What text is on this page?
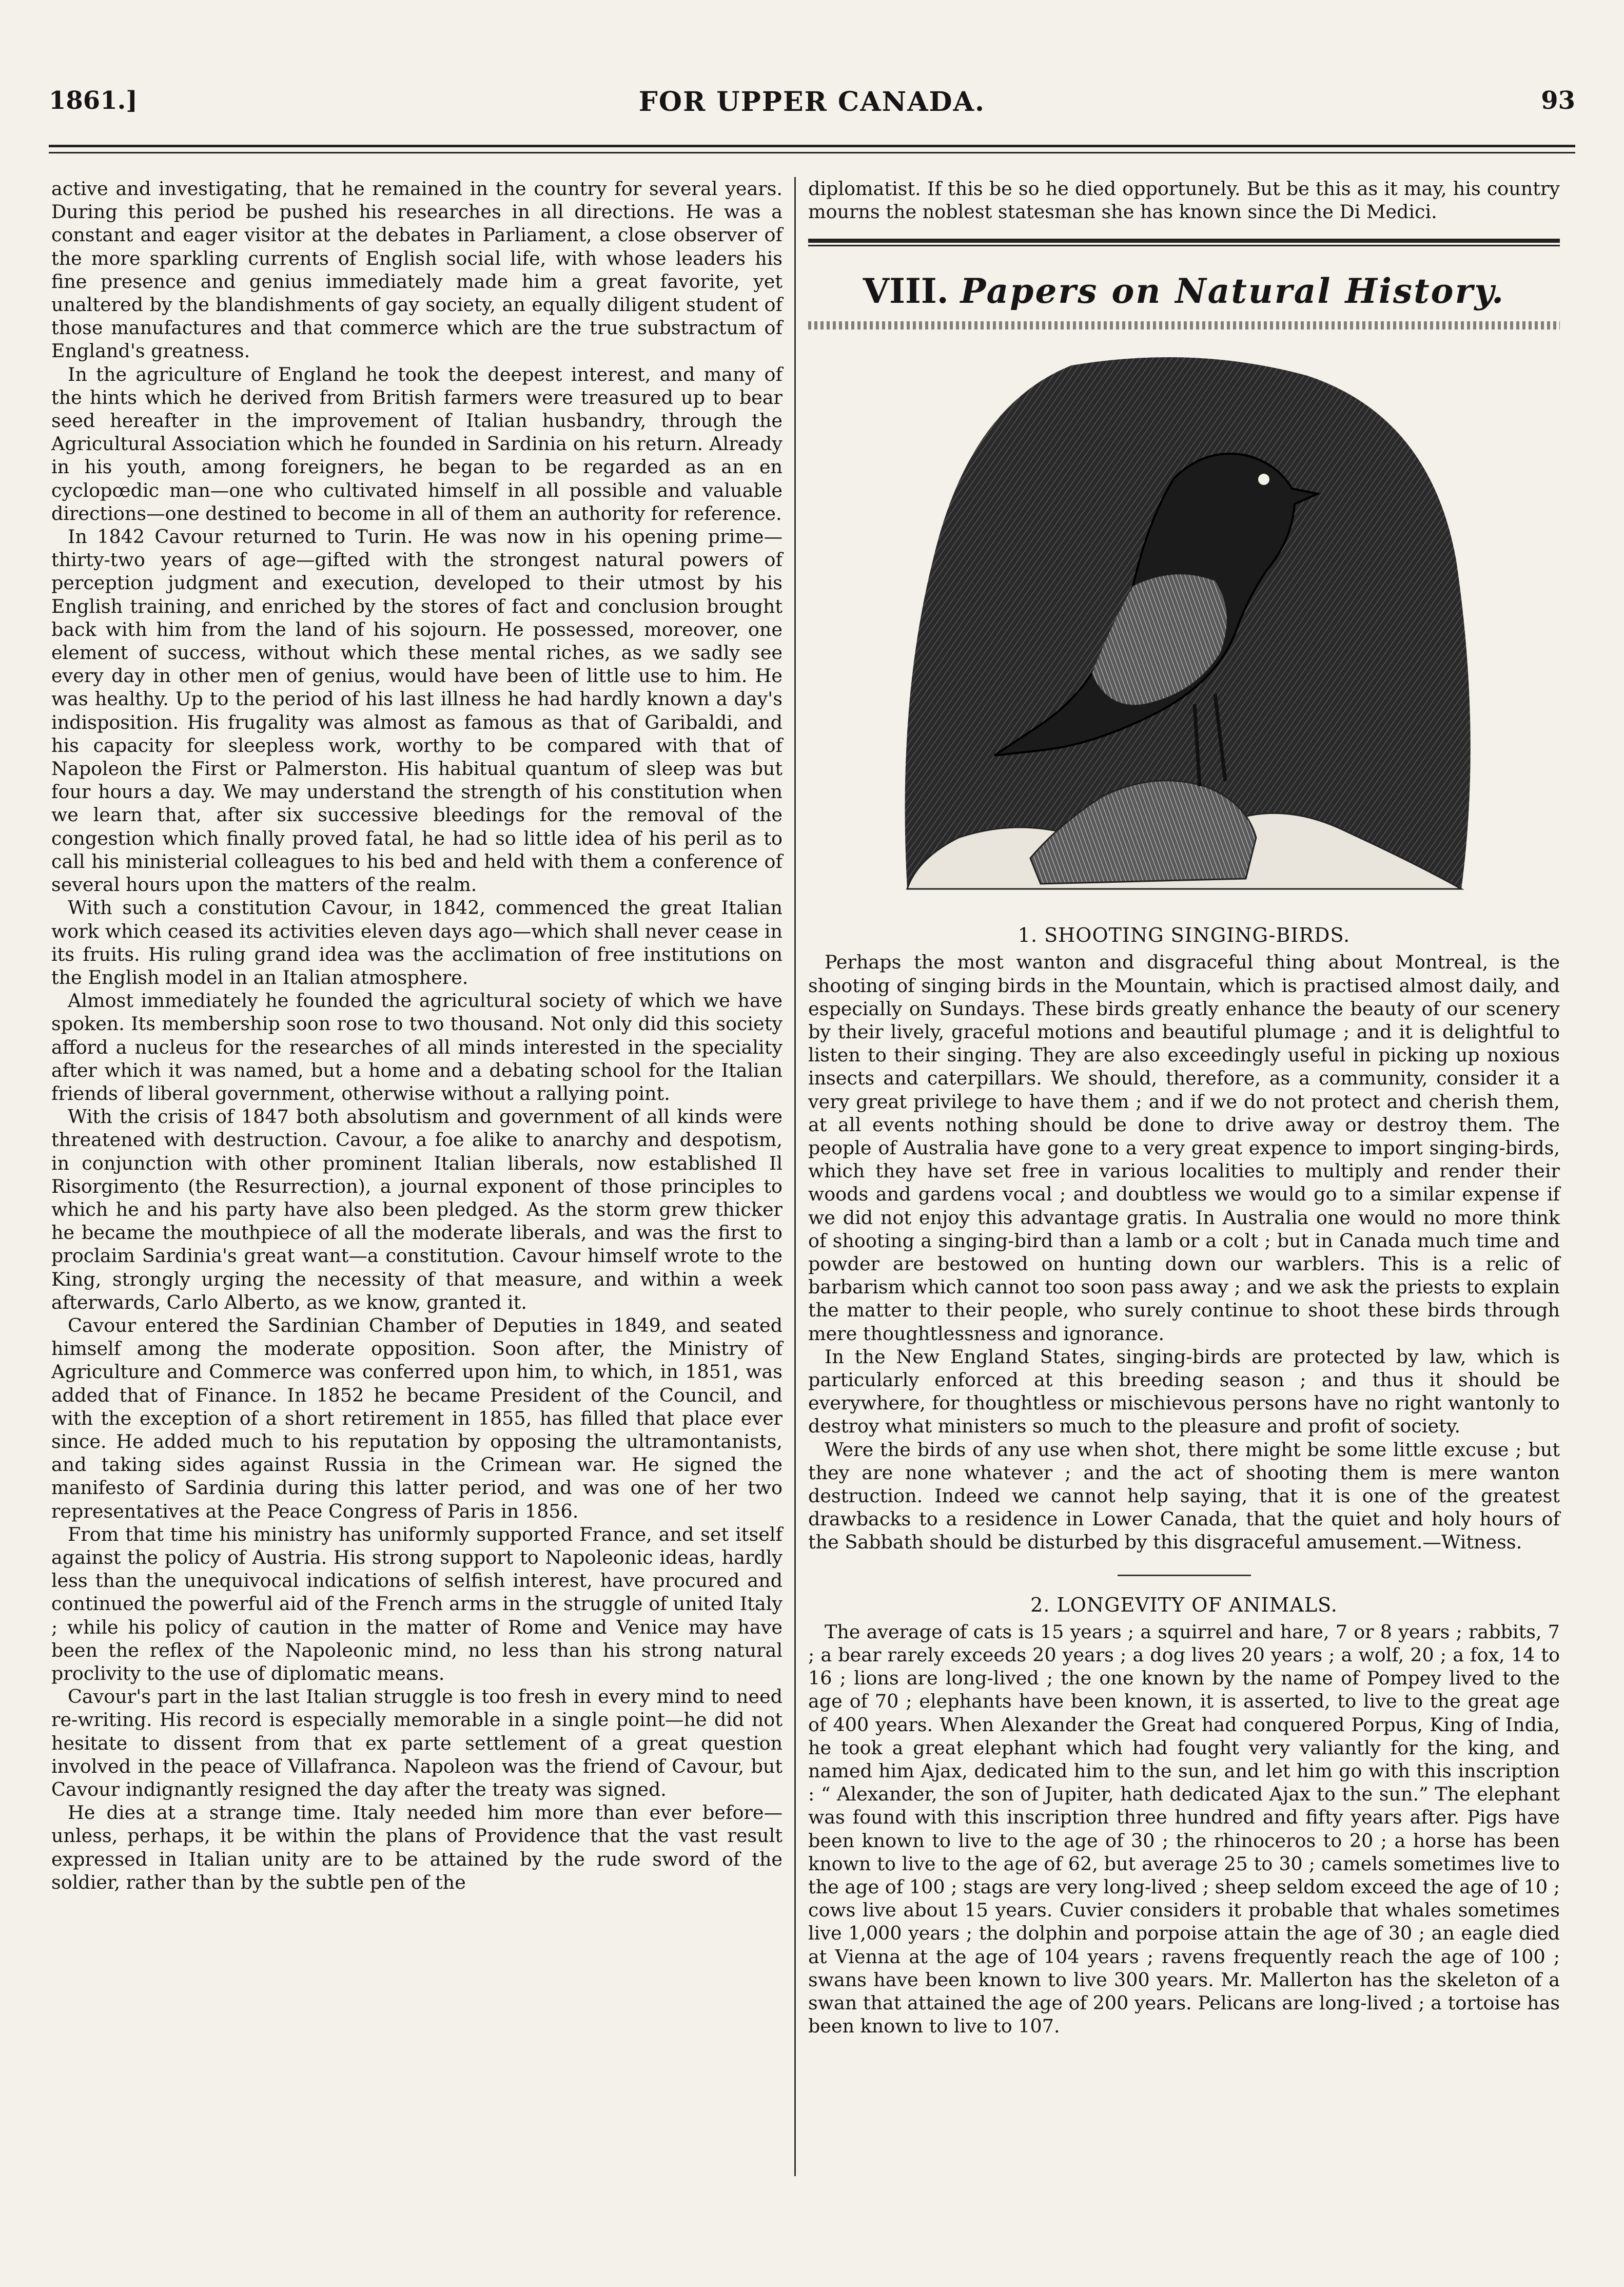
1861.]	FOR UPPER CANADA.	93

active and investigating, that he remained in the country for several years. During this period be pushed his researches in all directions. He was a constant and eager visitor at the debates in Parliament, a close observer of the more sparkling currents of English social life, with whose leaders his fine presence and genius immediately made him a great favorite, yet unaltered by the blandishments of gay society, an equally diligent student of those manufactures and that commerce which are the true substractum of England's greatness.

In the agriculture of England he took the deepest interest, and many of the hints which he derived from British farmers were treasured up to bear seed hereafter in the improvement of Italian husbandry, through the Agricultural Association which he founded in Sardinia on his return. Already in his youth, among foreigners, he began to be regarded as an en cyclopœdic man—one who cultivated himself in all possible and valuable directions—one destined to become in all of them an authority for reference.

In 1842 Cavour returned to Turin. He was now in his opening prime—thirty-two years of age—gifted with the strongest natural powers of perception judgment and execution, developed to their utmost by his English training, and enriched by the stores of fact and conclusion brought back with him from the land of his sojourn. He possessed, moreover, one element of success, without which these mental riches, as we sadly see every day in other men of genius, would have been of little use to him. He was healthy. Up to the period of his last illness he had hardly known a day's indisposition. His frugality was almost as famous as that of Garibaldi, and his capacity for sleepless work, worthy to be compared with that of Napoleon the First or Palmerston. His habitual quantum of sleep was but four hours a day. We may understand the strength of his constitution when we learn that, after six successive bleedings for the removal of the congestion which finally proved fatal, he had so little idea of his peril as to call his ministerial colleagues to his bed and held with them a conference of several hours upon the matters of the realm.

With such a constitution Cavour, in 1842, commenced the great Italian work which ceased its activities eleven days ago—which shall never cease in its fruits. His ruling grand idea was the acclimation of free institutions on the English model in an Italian atmosphere.

Almost immediately he founded the agricultural society of which we have spoken. Its membership soon rose to two thousand. Not only did this society afford a nucleus for the researches of all minds interested in the speciality after which it was named, but a home and a debating school for the Italian friends of liberal government, otherwise without a rallying point.

With the crisis of 1847 both absolutism and government of all kinds were threatened with destruction. Cavour, a foe alike to anarchy and despotism, in conjunction with other prominent Italian liberals, now established Il Risorgimento (the Resurrection), a journal exponent of those principles to which he and his party have also been pledged. As the storm grew thicker he became the mouthpiece of all the moderate liberals, and was the first to proclaim Sardinia's great want—a constitution. Cavour himself wrote to the King, strongly urging the necessity of that measure, and within a week afterwards, Carlo Alberto, as we know, granted it.

Cavour entered the Sardinian Chamber of Deputies in 1849, and seated himself among the moderate opposition. Soon after, the Ministry of Agriculture and Commerce was conferred upon him, to which, in 1851, was added that of Finance. In 1852 he became President of the Council, and with the exception of a short retirement in 1855, has filled that place ever since. He added much to his reputation by opposing the ultramontanists, and taking sides against Russia in the Crimean war. He signed the manifesto of Sardinia during this latter period, and was one of her two representatives at the Peace Congress of Paris in 1856.

From that time his ministry has uniformly supported France, and set itself against the policy of Austria. His strong support to Napoleonic ideas, hardly less than the unequivocal indications of selfish interest, have procured and continued the powerful aid of the French arms in the struggle of united Italy ; while his policy of caution in the matter of Rome and Venice may have been the reflex of the Napoleonic mind, no less than his strong natural proclivity to the use of diplomatic means.

Cavour's part in the last Italian struggle is too fresh in every mind to need re-writing. His record is especially memorable in a single point—he did not hesitate to dissent from that ex parte settlement of a great question involved in the peace of Villafranca. Napoleon was the friend of Cavour, but Cavour indignantly resigned the day after the treaty was signed.

He dies at a strange time. Italy needed him more than ever before—unless, perhaps, it be within the plans of Providence that the vast result expressed in Italian unity are to be attained by the rude sword of the soldier, rather than by the subtle pen of the

diplomatist. If this be so he died opportunely. But be this as it may, his country mourns the noblest statesman she has known since the Di Medici.

VIII. Papers on Natural History.
1. SHOOTING SINGING-BIRDS.

Perhaps the most wanton and disgraceful thing about Montreal, is the shooting of singing birds in the Mountain, which is practised almost daily, and especially on Sundays. These birds greatly enhance the beauty of our scenery by their lively, graceful motions and beautiful plumage ; and it is delightful to listen to their singing. They are also exceedingly useful in picking up noxious insects and caterpillars. We should, therefore, as a community, consider it a very great privilege to have them ; and if we do not protect and cherish them, at all events nothing should be done to drive away or destroy them. The people of Australia have gone to a very great expence to import singing-birds, which they have set free in various localities to multiply and render their woods and gardens vocal ; and doubtless we would go to a similar expense if we did not enjoy this advantage gratis. In Australia one would no more think of shooting a singing-bird than a lamb or a colt ; but in Canada much time and powder are bestowed on hunting down our warblers. This is a relic of barbarism which cannot too soon pass away ; and we ask the priests to explain the matter to their people, who surely continue to shoot these birds through mere thoughtlessness and ignorance.

In the New England States, singing-birds are protected by law, which is particularly enforced at this breeding season ; and thus it should be everywhere, for thoughtless or mischievous persons have no right wantonly to destroy what ministers so much to the pleasure and profit of society.

Were the birds of any use when shot, there might be some little excuse ; but they are none whatever ; and the act of shooting them is mere wanton destruction. Indeed we cannot help saying, that it is one of the greatest drawbacks to a residence in Lower Canada, that the quiet and holy hours of the Sabbath should be disturbed by this disgraceful amusement.—Witness.

2. LONGEVITY OF ANIMALS.

The average of cats is 15 years ; a squirrel and hare, 7 or 8 years ; rabbits, 7 ; a bear rarely exceeds 20 years ; a dog lives 20 years ; a wolf, 20 ; a fox, 14 to 16 ; lions are long-lived ; the one known by the name of Pompey lived to the age of 70 ; elephants have been known, it is asserted, to live to the great age of 400 years. When Alexander the Great had conquered Porpus, King of India, he took a great elephant which had fought very valiantly for the king, and named him Ajax, dedicated him to the sun, and let him go with this inscription : “ Alexander, the son of Jupiter, hath dedicated Ajax to the sun.” The elephant was found with this inscription three hundred and fifty years after. Pigs have been known to live to the age of 30 ; the rhinoceros to 20 ; a horse has been known to live to the age of 62, but average 25 to 30 ; camels sometimes live to the age of 100 ; stags are very long-lived ; sheep seldom exceed the age of 10 ; cows live about 15 years. Cuvier considers it probable that whales sometimes live 1,000 years ; the dolphin and porpoise attain the age of 30 ; an eagle died at Vienna at the age of 104 years ; ravens frequently reach the age of 100 ; swans have been known to live 300 years. Mr. Mallerton has the skeleton of a swan that attained the age of 200 years. Pelicans are long-lived ; a tortoise has been known to live to 107.
